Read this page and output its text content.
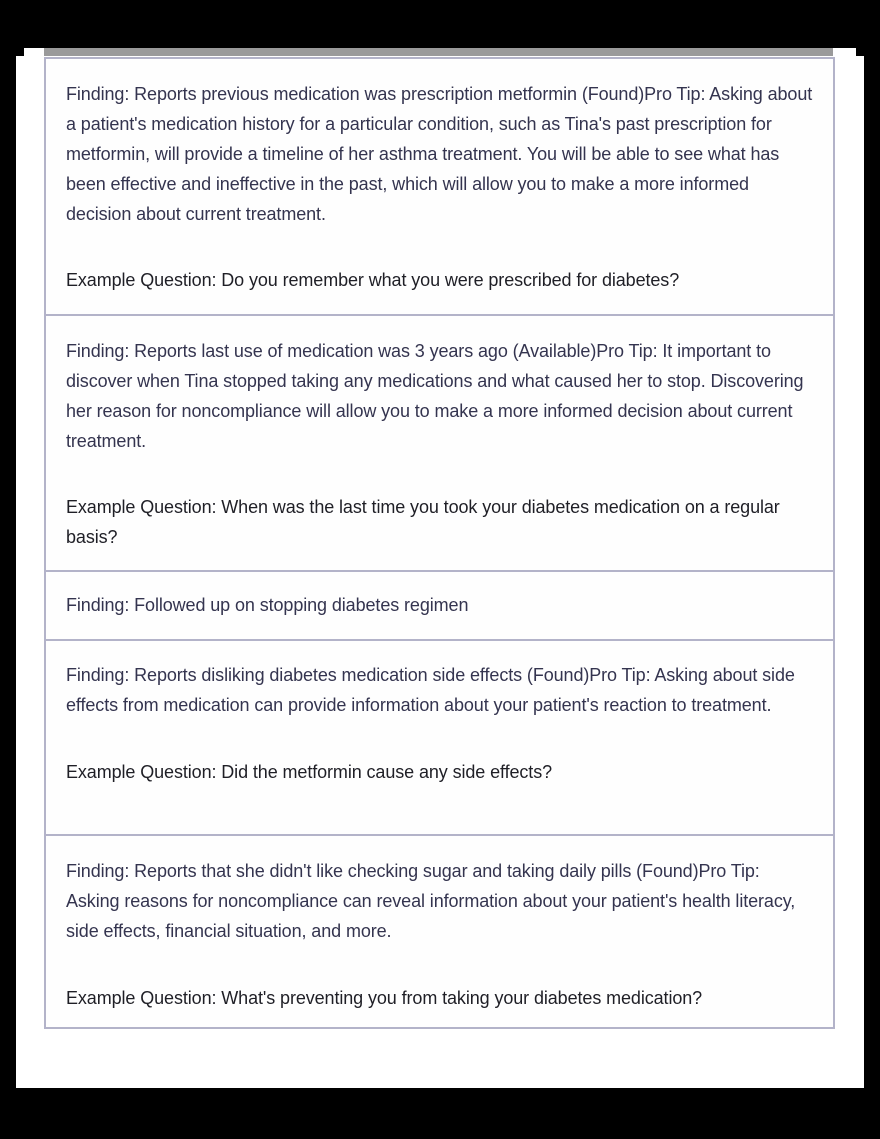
Finding: Reports previous medication was prescription metformin (Found)Pro Tip: Asking about a patient's medication history for a particular condition, such as Tina's past prescription for metformin, will provide a timeline of her asthma treatment. You will be able to see what has been effective and ineffective in the past, which will allow you to make a more informed decision about current treatment.

Example Question: Do you remember what you were prescribed for diabetes?

Finding: Reports last use of medication was 3 years ago (Available)Pro Tip: It important to discover when Tina stopped taking any medications and what caused her to stop. Discovering her reason for noncompliance will allow you to make a more informed decision about current treatment.

Example Question: When was the last time you took your diabetes medication on a regular basis?

Finding: Followed up on stopping diabetes regimen

Finding: Reports disliking diabetes medication side effects (Found)Pro Tip: Asking about side effects from medication can provide information about your patient's reaction to treatment.

Example Question: Did the metformin cause any side effects?

Finding: Reports that she didn't like checking sugar and taking daily pills (Found)Pro Tip: Asking reasons for noncompliance can reveal information about your patient's health literacy, side effects, financial situation, and more.

Example Question: What's preventing you from taking your diabetes medication?
